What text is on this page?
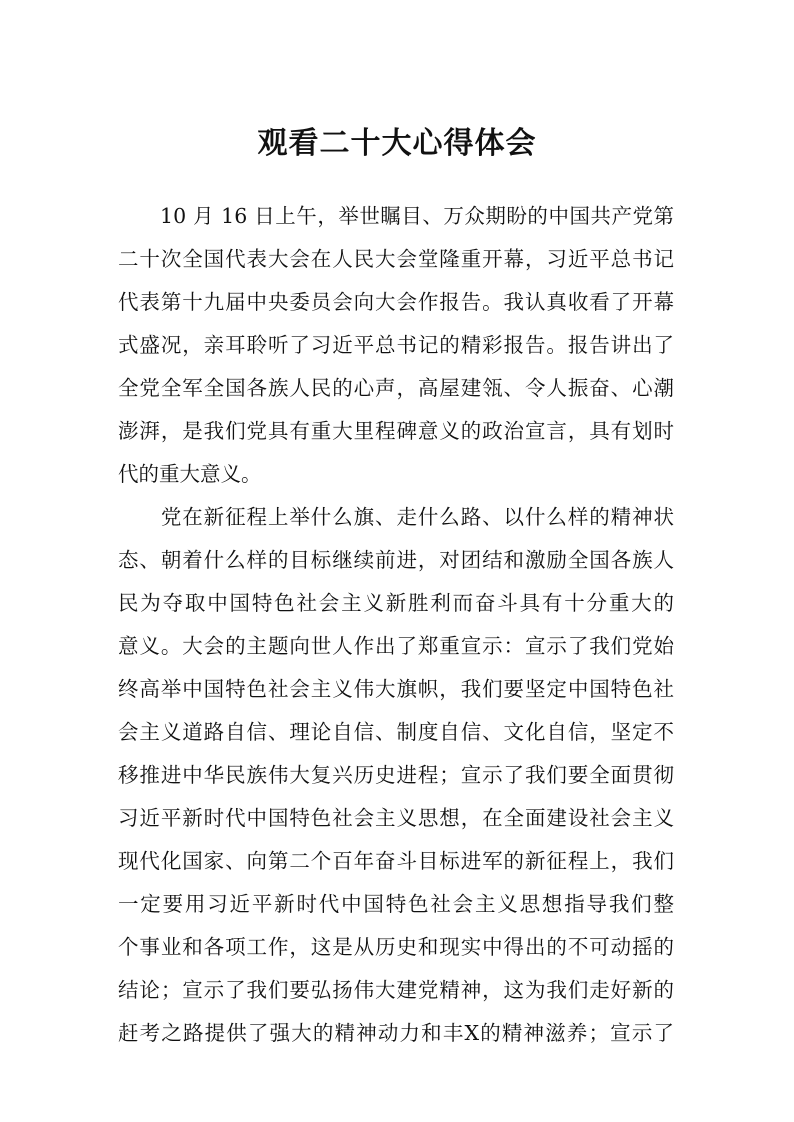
观看二十大心得体会
　　10 月 16 日上午，举世瞩目、万众期盼的中国共产党第
二十次全国代表大会在人民大会堂隆重开幕，习近平总书记
代表第十九届中央委员会向大会作报告。我认真收看了开幕
式盛况，亲耳聆听了习近平总书记的精彩报告。报告讲出了
全党全军全国各族人民的心声，高屋建瓴、令人振奋、心潮
澎湃，是我们党具有重大里程碑意义的政治宣言，具有划时
代的重大意义。
　　党在新征程上举什么旗、走什么路、以什么样的精神状
态、朝着什么样的目标继续前进，对团结和激励全国各族人
民为夺取中国特色社会主义新胜利而奋斗具有十分重大的
意义。大会的主题向世人作出了郑重宣示：宣示了我们党始
终高举中国特色社会主义伟大旗帜，我们要坚定中国特色社
会主义道路自信、理论自信、制度自信、文化自信，坚定不
移推进中华民族伟大复兴历史进程；宣示了我们要全面贯彻
习近平新时代中国特色社会主义思想，在全面建设社会主义
现代化国家、向第二个百年奋斗目标进军的新征程上，我们
一定要用习近平新时代中国特色社会主义思想指导我们整
个事业和各项工作，这是从历史和现实中得出的不可动摇的
结论；宣示了我们要弘扬伟大建党精神，这为我们走好新的
赶考之路提供了强大的精神动力和丰X的精神滋养；宣示了
